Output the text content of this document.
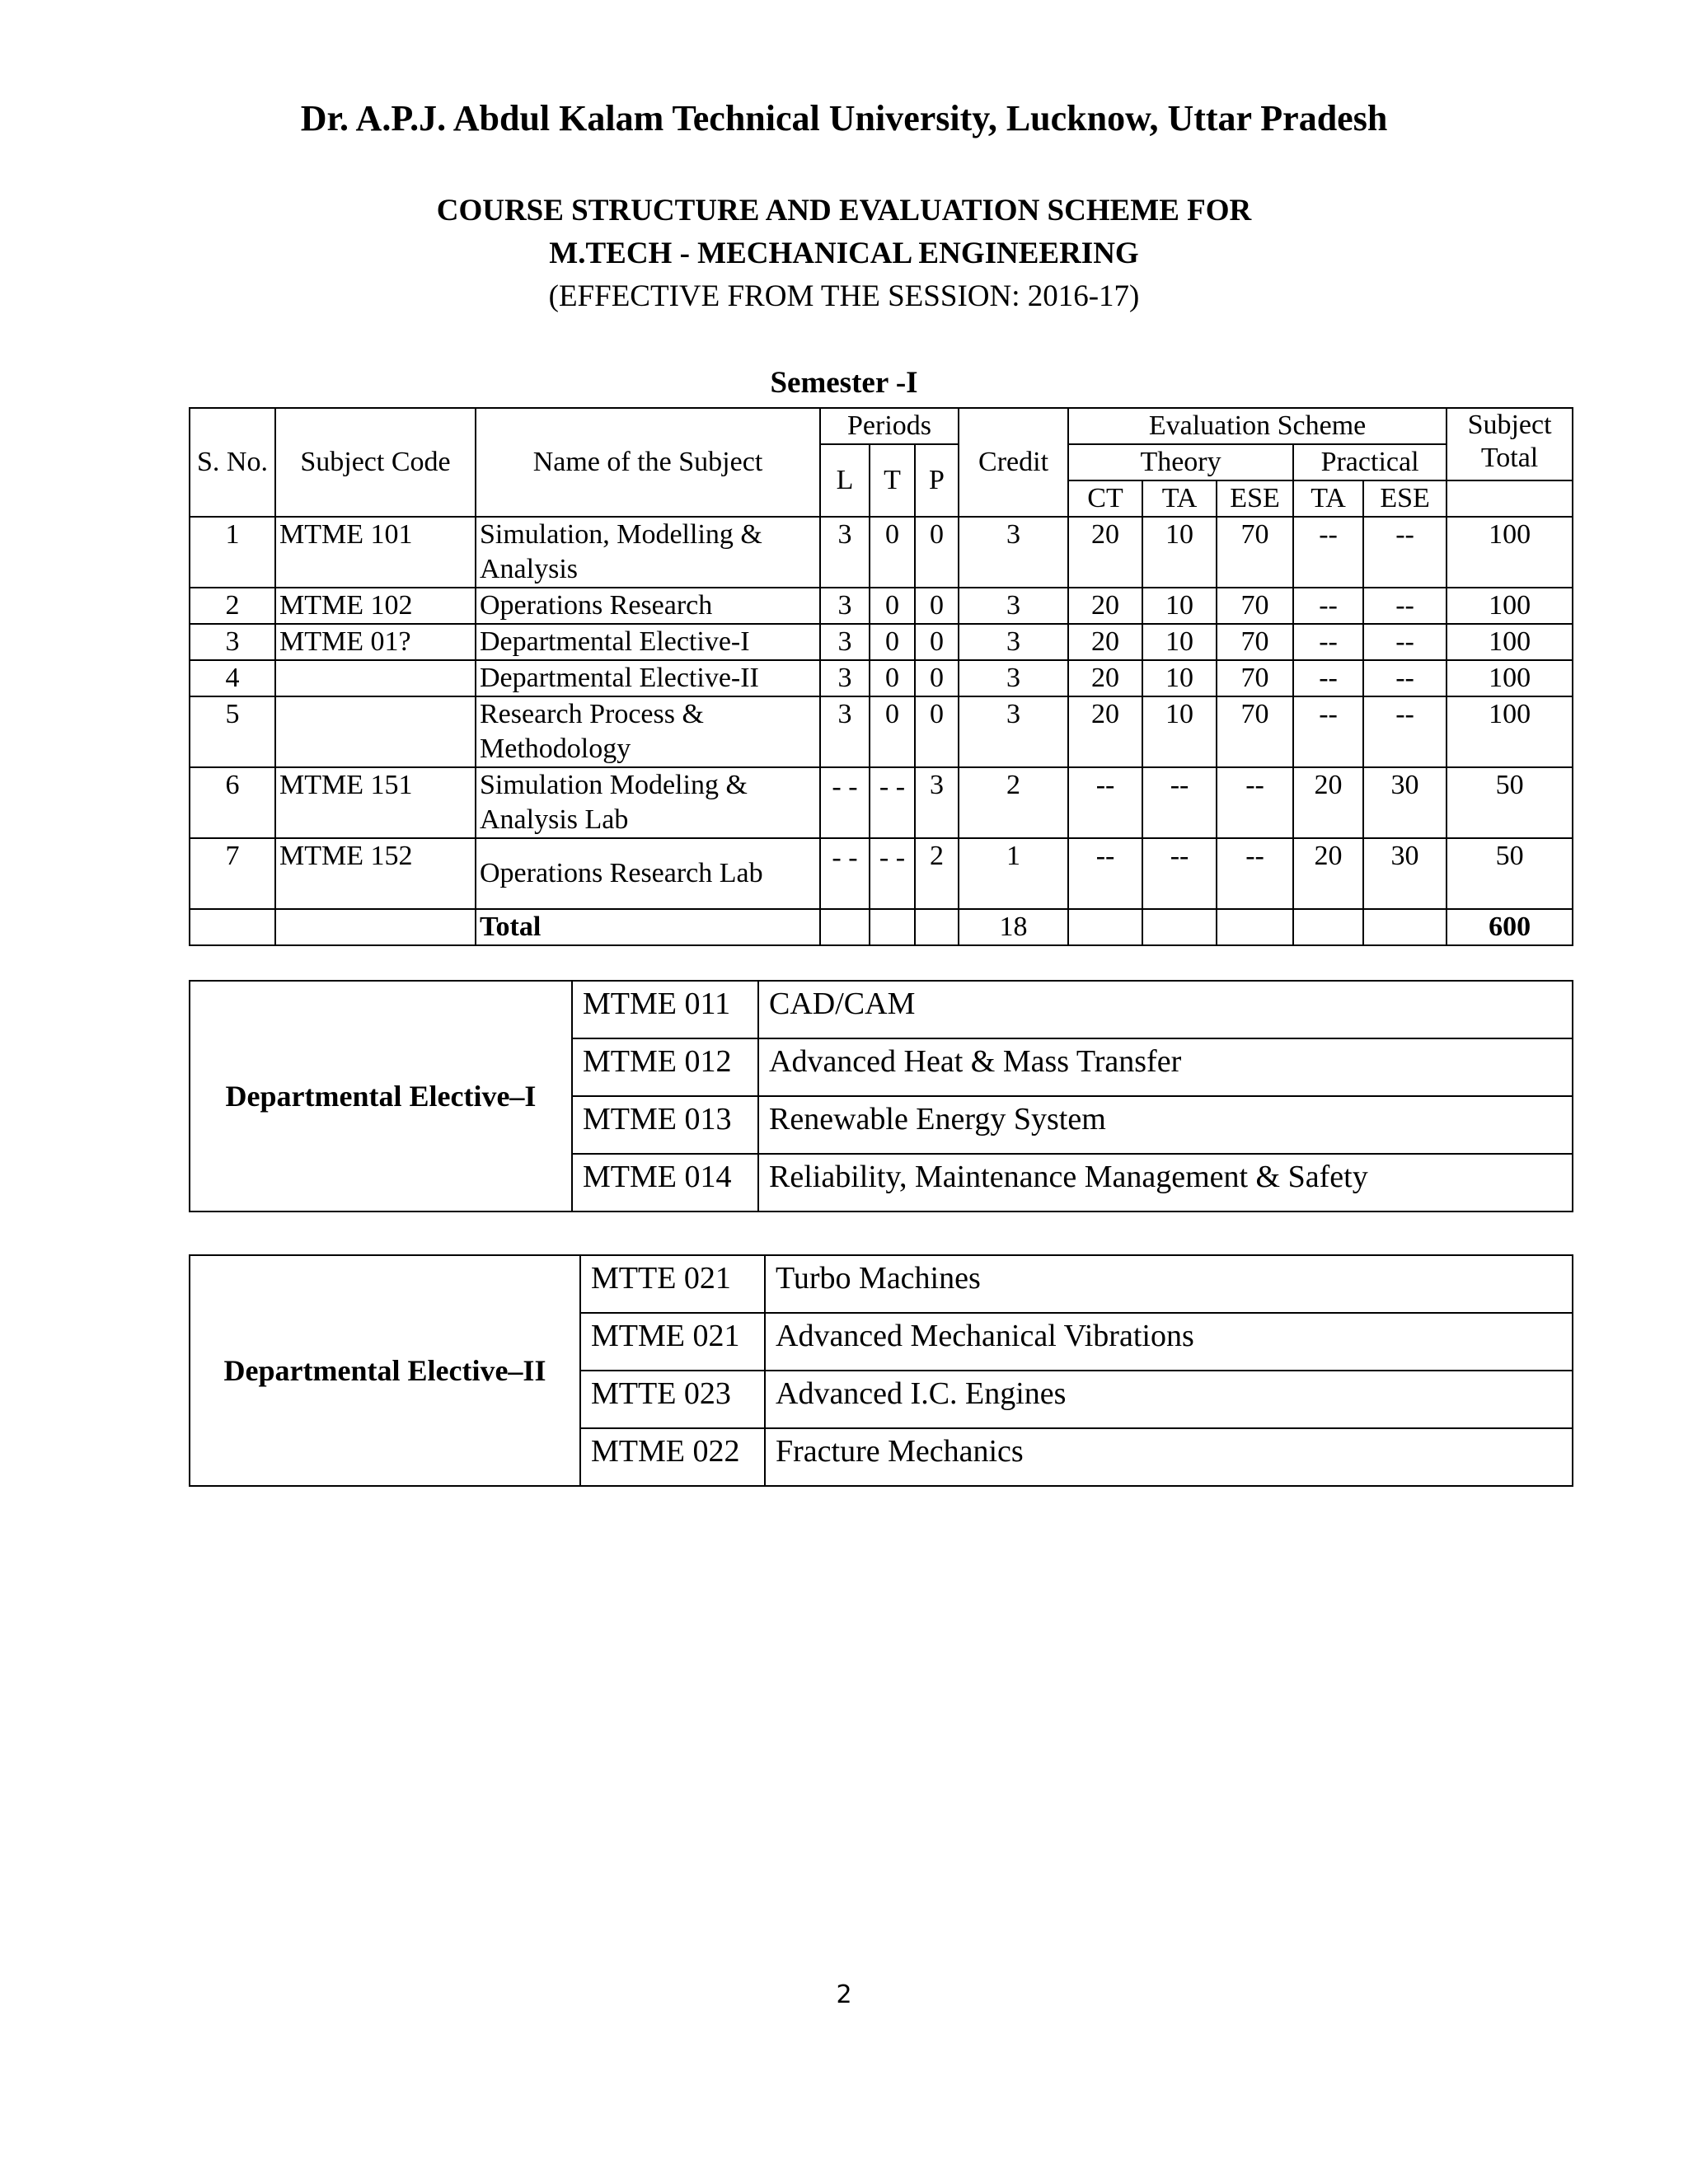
Dr. A.P.J. Abdul Kalam Technical University, Lucknow, Uttar Pradesh
COURSE STRUCTURE AND EVALUATION SCHEME FOR
M.TECH - MECHANICAL ENGINEERING
(EFFECTIVE FROM THE SESSION: 2016-17)
Semester -I
S. No.	Subject Code	Name of the Subject	Periods			Credit	Evaluation Scheme					Subject Total
			L	T	P		Theory			Practical		
							CT	TA	ESE	TA	ESE	
1	MTME 101	Simulation, Modelling & Analysis	3	0	0	3	20	10	70	--	--	100
2	MTME 102	Operations Research	3	0	0	3	20	10	70	--	--	100
3	MTME 01?	Departmental Elective-I	3	0	0	3	20	10	70	--	--	100
4		Departmental Elective-II	3	0	0	3	20	10	70	--	--	100
5		Research Process & Methodology	3	0	0	3	20	10	70	--	--	100
6	MTME 151	Simulation Modeling & Analysis Lab	- -	- -	3	2	--	--	--	20	30	50
7	MTME 152	Operations Research Lab	- -	- -	2	1	--	--	--	20	30	50
		Total				18						600
Departmental Elective–I	MTME 011	CAD/CAM
	MTME 012	Advanced Heat & Mass Transfer
	MTME 013	Renewable Energy System
	MTME 014	Reliability, Maintenance Management & Safety
Departmental Elective–II	MTTE 021	Turbo Machines
	MTME 021	Advanced Mechanical Vibrations
	MTTE 023	Advanced I.C. Engines
	MTME 022	Fracture Mechanics
2
